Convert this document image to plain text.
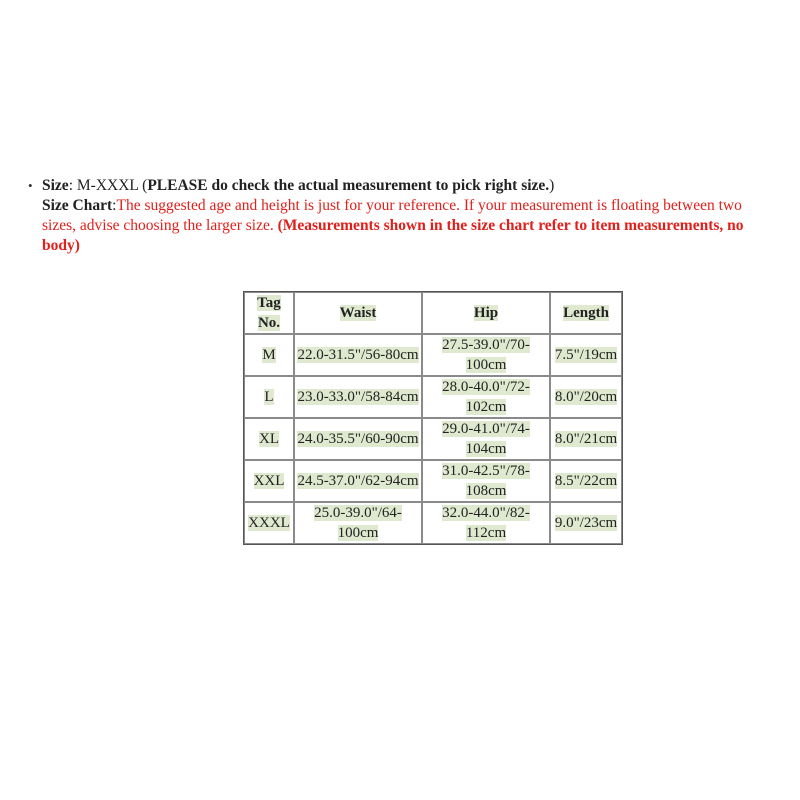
• Size: M-XXXL (PLEASE do check the actual measurement to pick right size.)
Size Chart:The suggested age and height is just for your reference. If your measurement is floating between two
sizes, advise choosing the larger size. (Measurements shown in the size chart refer to item measurements, no
body)
Tag No.	Waist	Hip	Length
M	22.0-31.5"/56-80cm	27.5-39.0"/70-100cm	7.5"/19cm
L	23.0-33.0"/58-84cm	28.0-40.0"/72-102cm	8.0"/20cm
XL	24.0-35.5"/60-90cm	29.0-41.0"/74-104cm	8.0"/21cm
XXL	24.5-37.0"/62-94cm	31.0-42.5"/78-108cm	8.5"/22cm
XXXL	25.0-39.0"/64-100cm	32.0-44.0"/82-112cm	9.0"/23cm
